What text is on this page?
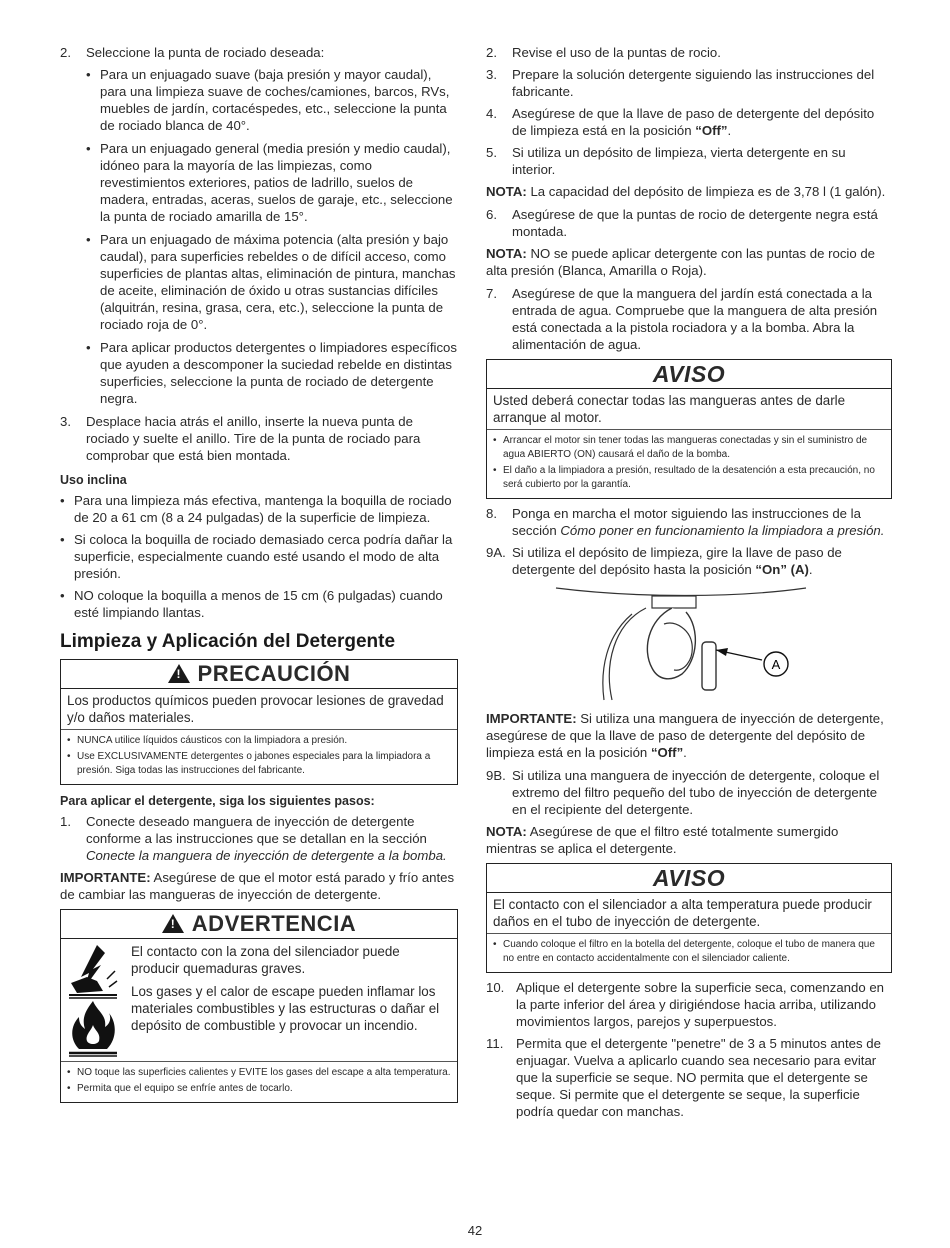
2.	Seleccione la punta de rociado deseada:
• Para un enjuagado suave (baja presión y mayor caudal), para una limpieza suave de coches/camiones, barcos, RVs, muebles de jardín, cortacéspedes, etc., seleccione la punta de rociado blanca de 40°.
• Para un enjuagado general (media presión y medio caudal), idóneo para la mayoría de las limpiezas, como revestimientos exteriores, patios de ladrillo, suelos de madera, entradas, aceras, suelos de garaje, etc., seleccione la punta de rociado amarilla de 15°.
• Para un enjuagado de máxima potencia (alta presión y bajo caudal), para superficies rebeldes o de difícil acceso, como superficies de plantas altas, eliminación de pintura, manchas de aceite, eliminación de óxido u otras sustancias difíciles (alquitrán, resina, grasa, cera, etc.), seleccione la punta de rociado roja de 0°.
• Para aplicar productos detergentes o limpiadores específicos que ayuden a descomponer la suciedad rebelde en distintas superficies, seleccione la punta de rociado de detergente negra.
3.	Desplace hacia atrás el anillo, inserte la nueva punta de rociado y suelte el anillo. Tire de la punta de rociado para comprobar que está bien montada.
Uso inclina
• Para una limpieza más efectiva, mantenga la boquilla de rociado de 20 a 61 cm (8 a 24 pulgadas) de la superficie de limpieza.
• Si coloca la boquilla de rociado demasiado cerca podría dañar la superficie, especialmente cuando esté usando el modo de alta presión.
• NO coloque la boquilla a menos de 15 cm (6 pulgadas) cuando esté limpiando llantas.
Limpieza y Aplicación del Detergente
! PRECAUCIÓN
Los productos químicos pueden provocar lesiones de gravedad y/o daños materiales.
• NUNCA utilice líquidos cáusticos con la limpiadora a presión.
• Use EXCLUSIVAMENTE detergentes o jabones especiales para la limpiadora a presión. Siga todas las instrucciones del fabricante.
Para aplicar el detergente, siga los siguientes pasos:
1.	Conecte deseado manguera de inyección de detergente conforme a las instrucciones que se detallan en la sección Conecte la manguera de inyección de detergente a la bomba.

IMPORTANTE: Asegúrese de que el motor está parado y frío antes de cambiar las mangueras de inyección de detergente.

! ADVERTENCIA

El contacto con la zona del silenciador puede producir quemaduras graves.

Los gases y el calor de escape pueden inflamar los materiales combustibles y las estructuras o dañar el depósito de combustible y provocar un incendio.

• NO toque las superficies calientes y EVITE los gases del escape a alta temperatura.
• Permita que el equipo se enfríe antes de tocarlo.
2.	Revise el uso de la puntas de rocio.
3.	Prepare la solución detergente siguiendo las instrucciones del fabricante.
4.	Asegúrese de que la llave de paso de detergente del depósito de limpieza está en la posición “Off”.
5.	Si utiliza un depósito de limpieza, vierta detergente en su interior.

NOTA: La capacidad del depósito de limpieza es de 3,78 l (1 galón).

6.	Asegúrese de que la puntas de rocio de detergente negra está montada.

NOTA: NO se puede aplicar detergente con las puntas de rocio de alta presión (Blanca, Amarilla o Roja).

7.	Asegúrese de que la manguera del jardín está conectada a la entrada de agua. Compruebe que la manguera de alta presión está conectada a la pistola rociadora y a la bomba. Abra la alimentación de agua.
AVISO
Usted deberá conectar todas las mangueras antes de darle arranque al motor.
• Arrancar el motor sin tener todas las mangueras conectadas y sin el suministro de agua ABIERTO (ON) causará el daño de la bomba.
• El daño a la limpiadora a presión, resultado de la desatención a esta precaución, no será cubierto por la garantía.
8.	Ponga en marcha el motor siguiendo las instrucciones de la sección Cómo poner en funcionamiento la limpiadora a presión.
9A. Si utiliza el depósito de limpieza, gire la llave de paso de detergente del depósito hasta la posición “On” (A).
A

IMPORTANTE: Si utiliza una manguera de inyección de detergente, asegúrese de que la llave de paso de detergente del depósito de limpieza está en la posición “Off”.

9B. Si utiliza una manguera de inyección de detergente, coloque el extremo del filtro pequeño del tubo de inyección de detergente en el recipiente del detergente.

NOTA: Asegúrese de que el filtro esté totalmente sumergido mientras se aplica el detergente.

AVISO
El contacto con el silenciador a alta temperatura puede producir daños en el tubo de inyección de detergente.
• Cuando coloque el filtro en la botella del detergente, coloque el tubo de manera que no entre en contacto accidentalmente con el silenciador caliente.
10. Aplique el detergente sobre la superficie seca, comenzando en la parte inferior del área y dirigiéndose hacia arriba, utilizando movimientos largos, parejos y superpuestos.
11. Permita que el detergente "penetre" de 3 a 5 minutos antes de enjuagar. Vuelva a aplicarlo cuando sea necesario para evitar que la superficie se seque. NO permita que el detergente se seque. Si permite que el detergente se seque, la superficie podría quedar con manchas.
42
